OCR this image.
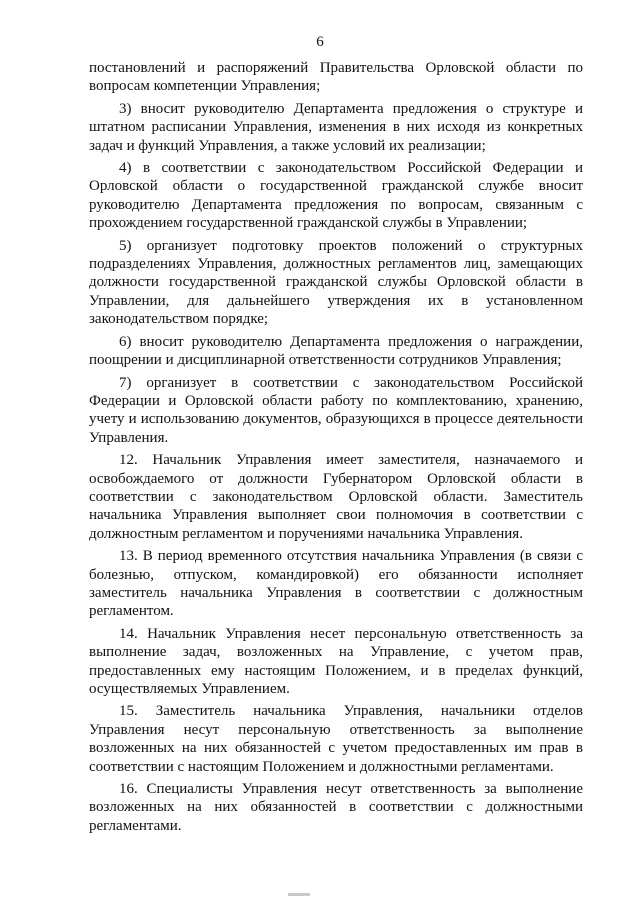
6

постановлений и распоряжений Правительства Орловской области по вопросам компетенции Управления;

3) вносит руководителю Департамента предложения о структуре и штатном расписании Управления, изменения в них исходя из конкретных задач и функций Управления, а также условий их реализации;

4) в соответствии с законодательством Российской Федерации и Орловской области о государственной гражданской службе вносит руководителю Департамента предложения по вопросам, связанным с прохождением государственной гражданской службы в Управлении;

5) организует подготовку проектов положений о структурных подразделениях Управления, должностных регламентов лиц, замещающих должности государственной гражданской службы Орловской области в Управлении, для дальнейшего утверждения их в установленном законодательством порядке;

6) вносит руководителю Департамента предложения о награждении, поощрении и дисциплинарной ответственности сотрудников Управления;

7) организует в соответствии с законодательством Российской Федерации и Орловской области работу по комплектованию, хранению, учету и использованию документов, образующихся в процессе деятельности Управления.

12. Начальник Управления имеет заместителя, назначаемого и освобождаемого от должности Губернатором Орловской области в соответствии с законодательством Орловской области. Заместитель начальника Управления выполняет свои полномочия в соответствии с должностным регламентом и поручениями начальника Управления.

13. В период временного отсутствия начальника Управления (в связи с болезнью, отпуском, командировкой) его обязанности исполняет заместитель начальника Управления в соответствии с должностным регламентом.

14. Начальник Управления несет персональную ответственность за выполнение задач, возложенных на Управление, с учетом прав, предоставленных ему настоящим Положением, и в пределах функций, осуществляемых Управлением.

15. Заместитель начальника Управления, начальники отделов Управления несут персональную ответственность за выполнение возложенных на них обязанностей с учетом предоставленных им прав в соответствии с настоящим Положением и должностными регламентами.

16. Специалисты Управления несут ответственность за выполнение возложенных на них обязанностей в соответствии с должностными регламентами.
